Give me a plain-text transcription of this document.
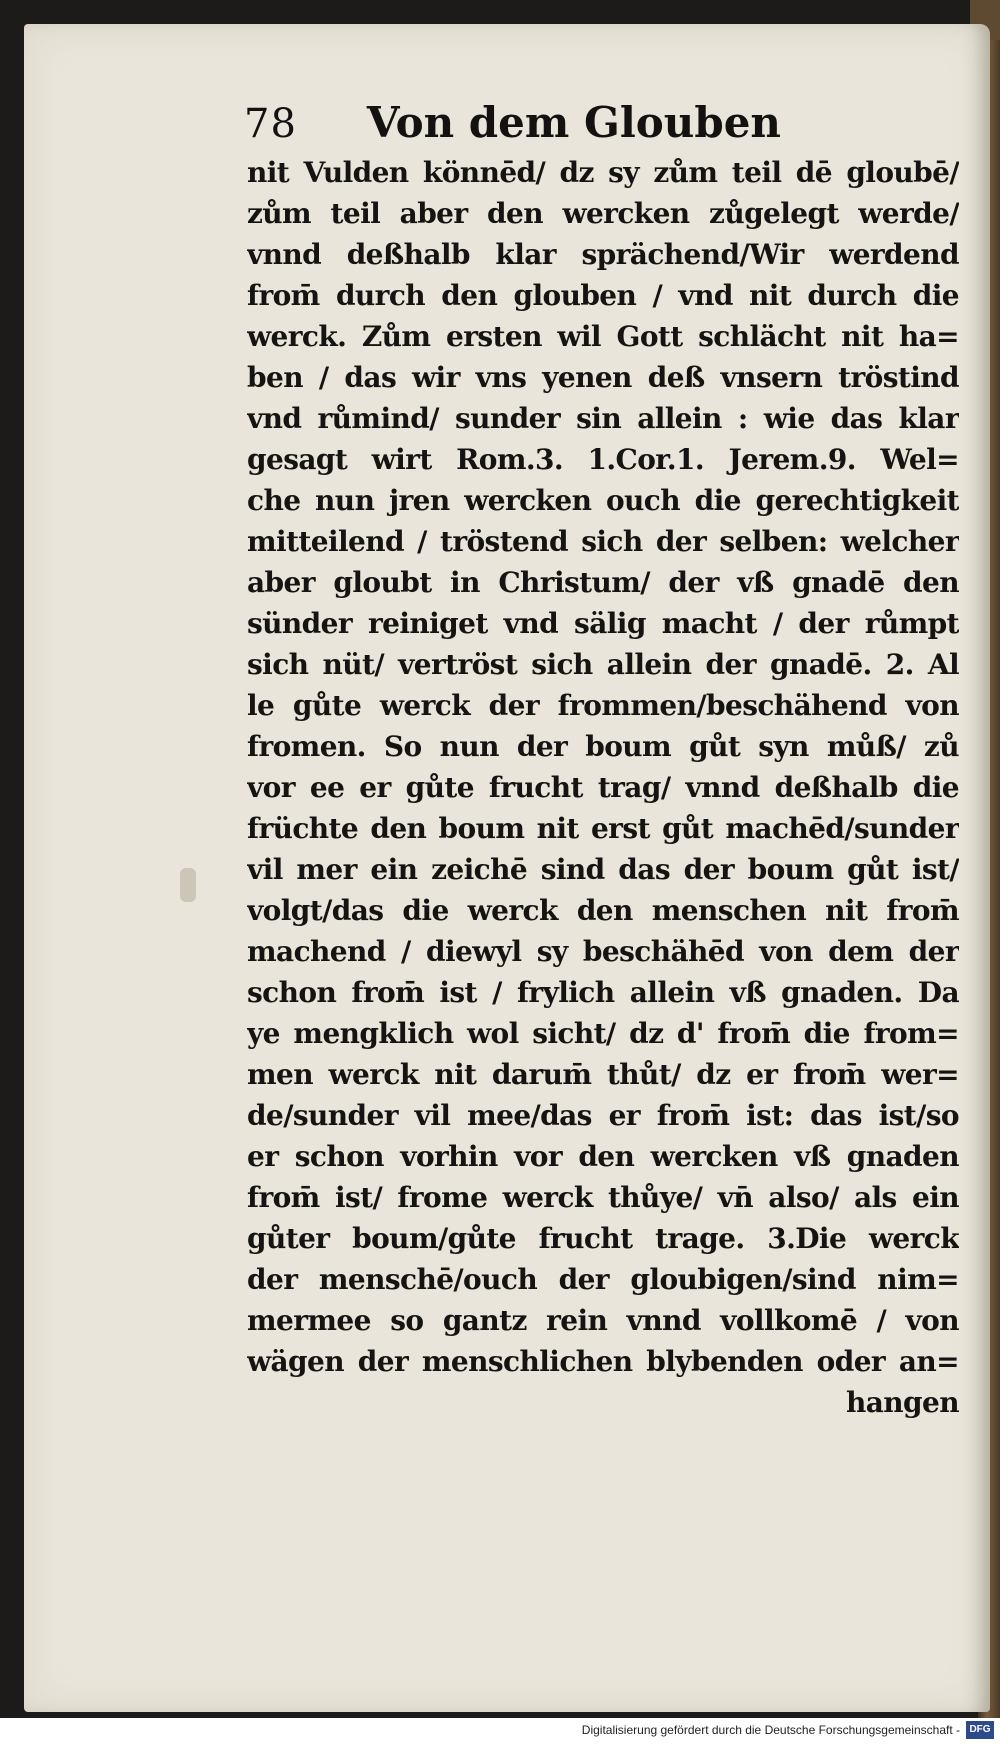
78 Von dem Glouben
nit Vulden könnēd/ dz sy zům teil dē gloubē/
zům teil aber den wercken zůgelegt werde/
vnnd deßhalb klar sprächend/Wir werdend
from̄ durch den glouben / vnd nit durch die
werck. Zům ersten wil Gott schlächt nit ha=
ben / das wir vns yenen deß vnsern tröstind
vnd růmind/ sunder sin allein : wie das klar
gesagt wirt Rom.3. 1.Cor.1. Jerem.9. Wel=
che nun jren wercken ouch die gerechtigkeit
mitteilend / tröstend sich der selben: welcher
aber gloubt in Christum/ der vß gnadē den
sünder reiniget vnd sälig macht / der růmpt
sich nüt/ vertröst sich allein der gnadē. 2. Al
le gůte werck der frommen/beschähend von
fromen. So nun der boum gůt syn můß/ zů
vor ee er gůte frucht trag/ vnnd deßhalb die
früchte den boum nit erst gůt machēd/sunder
vil mer ein zeichē sind das der boum gůt ist/
volgt/das die werck den menschen nit from̄
machend / diewyl sy beschähēd von dem der
schon from̄ ist / frylich allein vß gnaden. Da
ye mengklich wol sicht/ dz d' from̄ die from=
men werck nit darum̄ thůt/ dz er from̄ wer=
de/sunder vil mee/das er from̄ ist: das ist/so
er schon vorhin vor den wercken vß gnaden
from̄ ist/ frome werck thůye/ vn̄ also/ als ein
gůter boum/gůte frucht trage. 3.Die werck
der menschē/ouch der gloubigen/sind nim=
mermee so gantz rein vnnd vollkomē / von
wägen der menschlichen blybenden oder an=
hangen
Digitalisierung gefördert durch die Deutsche Forschungsgemeinschaft - DFG
